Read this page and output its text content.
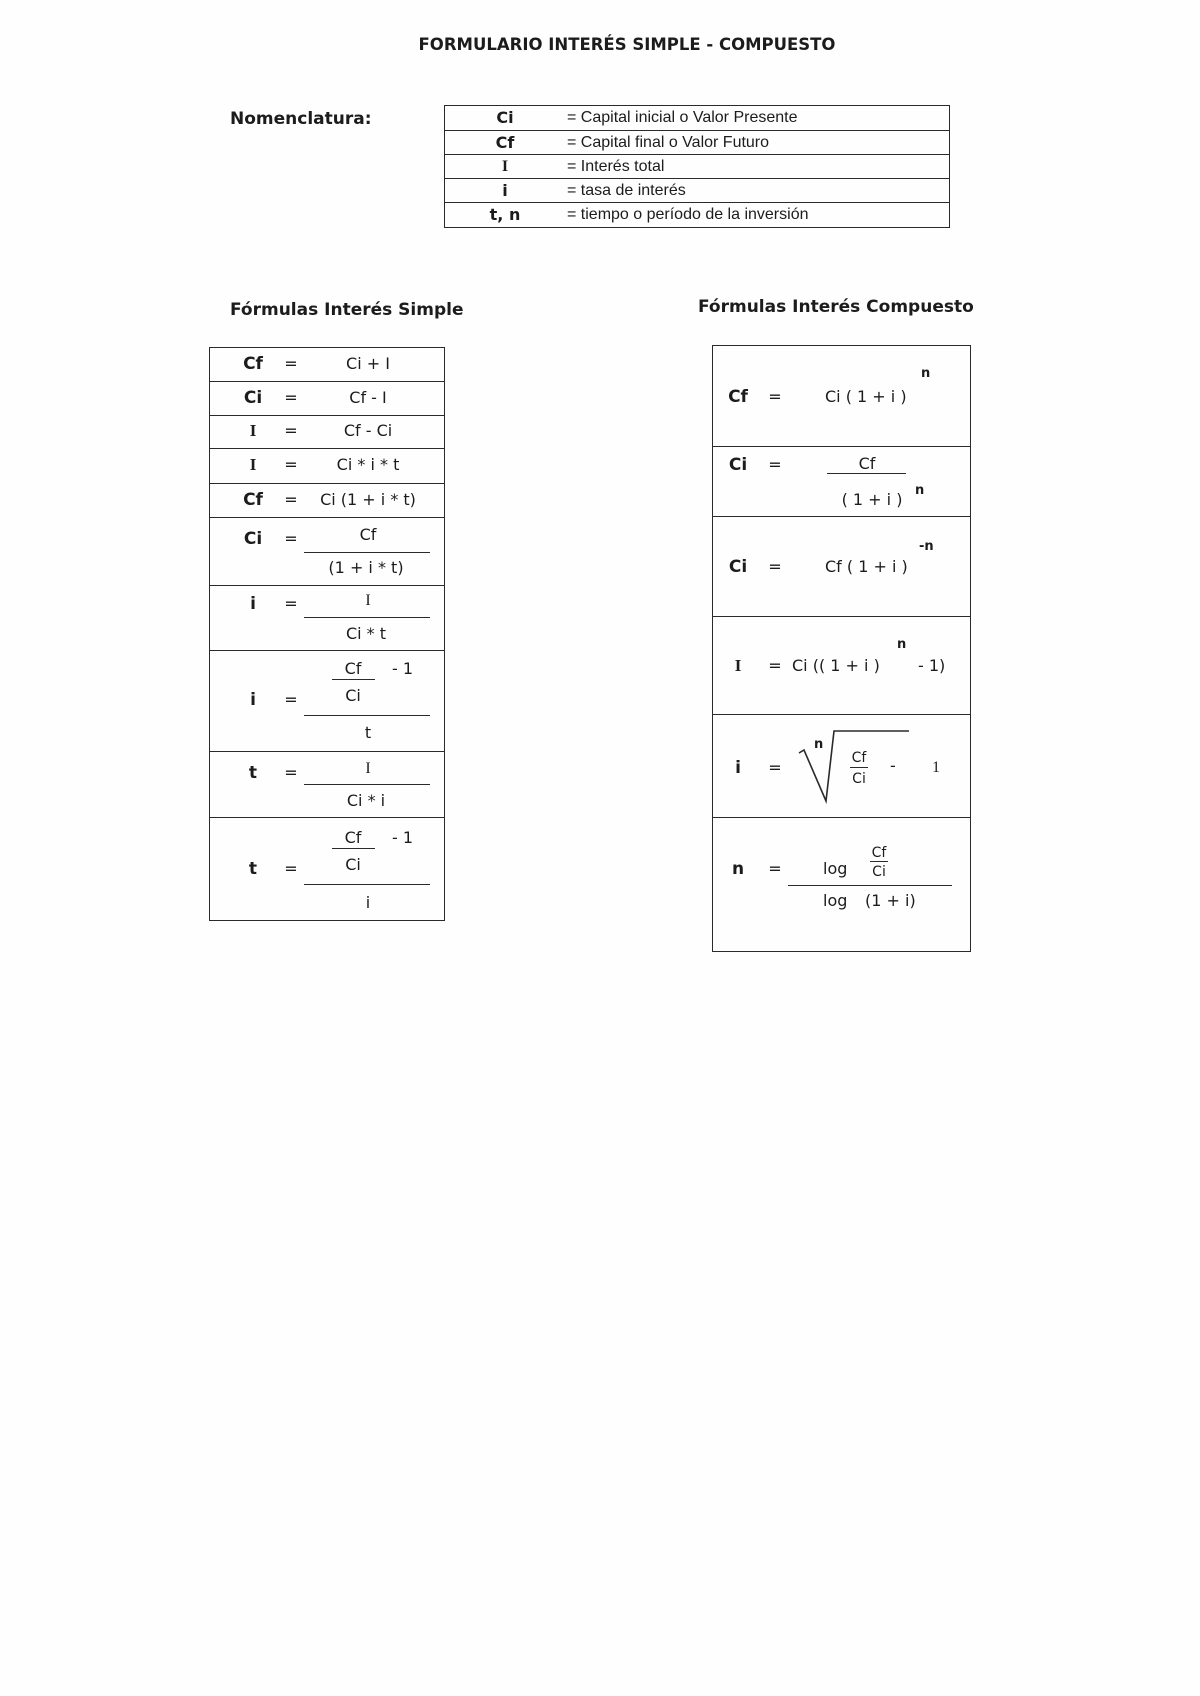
FORMULARIO INTERÉS SIMPLE - COMPUESTO
Nomenclatura:	Ci	= Capital inicial o Valor Presente
Cf	= Capital final o Valor Futuro
I	= Interés total
i	= tasa de interés
t, n	= tiempo o período de la inversión
Fórmulas Interés Simple
Cf =	Ci + I
Ci =	Cf - I
I =	Cf - Ci
I = Ci * i * t
Cf = Ci (1 + i * t)
Ci =	Cf
(1 + i * t)
i =	I
Ci * t
i =
Cf - 1
Ci
t
t =	I
Ci * i
t =
Cf - 1
Ci
i
Fórmulas Interés Compuesto
Cf =	Ci ( 1 + i )
n
Ci =	Cf
( 1 + i ) n
Ci =	Cf ( 1 + i )
-n
I = Ci (( 1 + i )
n
- 1)
i =
n
Cf
Ci
- 1
n =	log
Cf
Ci
log (1 + i)
